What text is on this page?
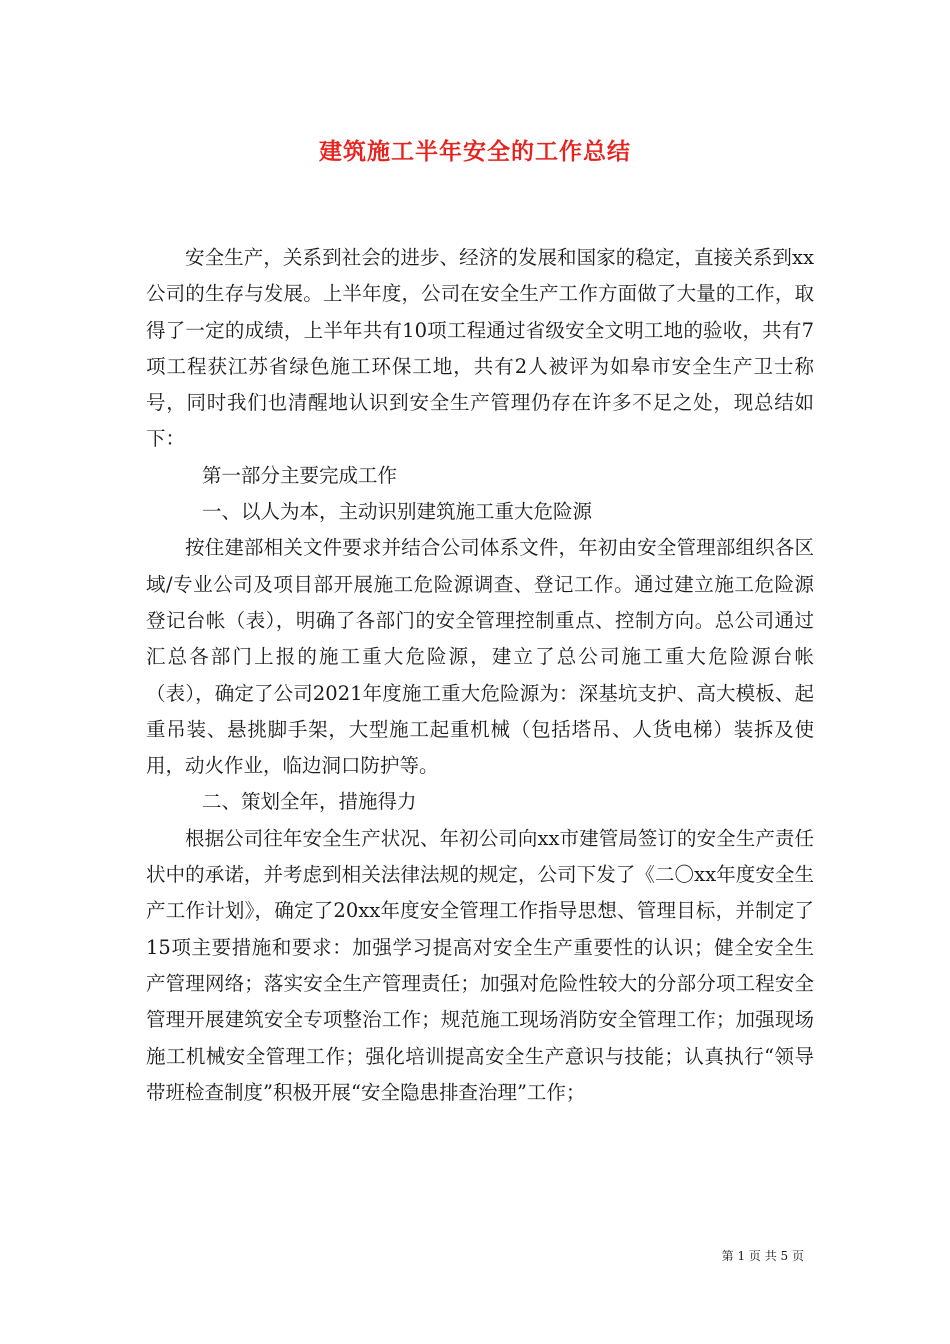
建筑施工半年安全的工作总结

安全生产，关系到社会的进步、经济的发展和国家的稳定，直接关系到xx公司的生存与发展。上半年度，公司在安全生产工作方面做了大量的工作，取得了一定的成绩，上半年共有10项工程通过省级安全文明工地的验收，共有7项工程获江苏省绿色施工环保工地，共有2人被评为如皋市安全生产卫士称号，同时我们也清醒地认识到安全生产管理仍存在许多不足之处，现总结如下：

第一部分主要完成工作

一、以人为本，主动识别建筑施工重大危险源

按住建部相关文件要求并结合公司体系文件，年初由安全管理部组织各区域/专业公司及项目部开展施工危险源调查、登记工作。通过建立施工危险源登记台帐（表），明确了各部门的安全管理控制重点、控制方向。总公司通过汇总各部门上报的施工重大危险源，建立了总公司施工重大危险源台帐（表），确定了公司2021年度施工重大危险源为：深基坑支护、高大模板、起重吊装、悬挑脚手架，大型施工起重机械（包括塔吊、人货电梯）装拆及使用，动火作业，临边洞口防护等。

二、策划全年，措施得力

根据公司往年安全生产状况、年初公司向xx市建管局签订的安全生产责任状中的承诺，并考虑到相关法律法规的规定，公司下发了《二〇xx年度安全生产工作计划》，确定了20xx年度安全管理工作指导思想、管理目标，并制定了15项主要措施和要求：加强学习提高对安全生产重要性的认识；健全安全生产管理网络；落实安全生产管理责任；加强对危险性较大的分部分项工程安全管理开展建筑安全专项整治工作；规范施工现场消防安全管理工作；加强现场施工机械安全管理工作；强化培训提高安全生产意识与技能；认真执行“领导带班检查制度”积极开展“安全隐患排查治理”工作；

第 1 页 共 5 页
